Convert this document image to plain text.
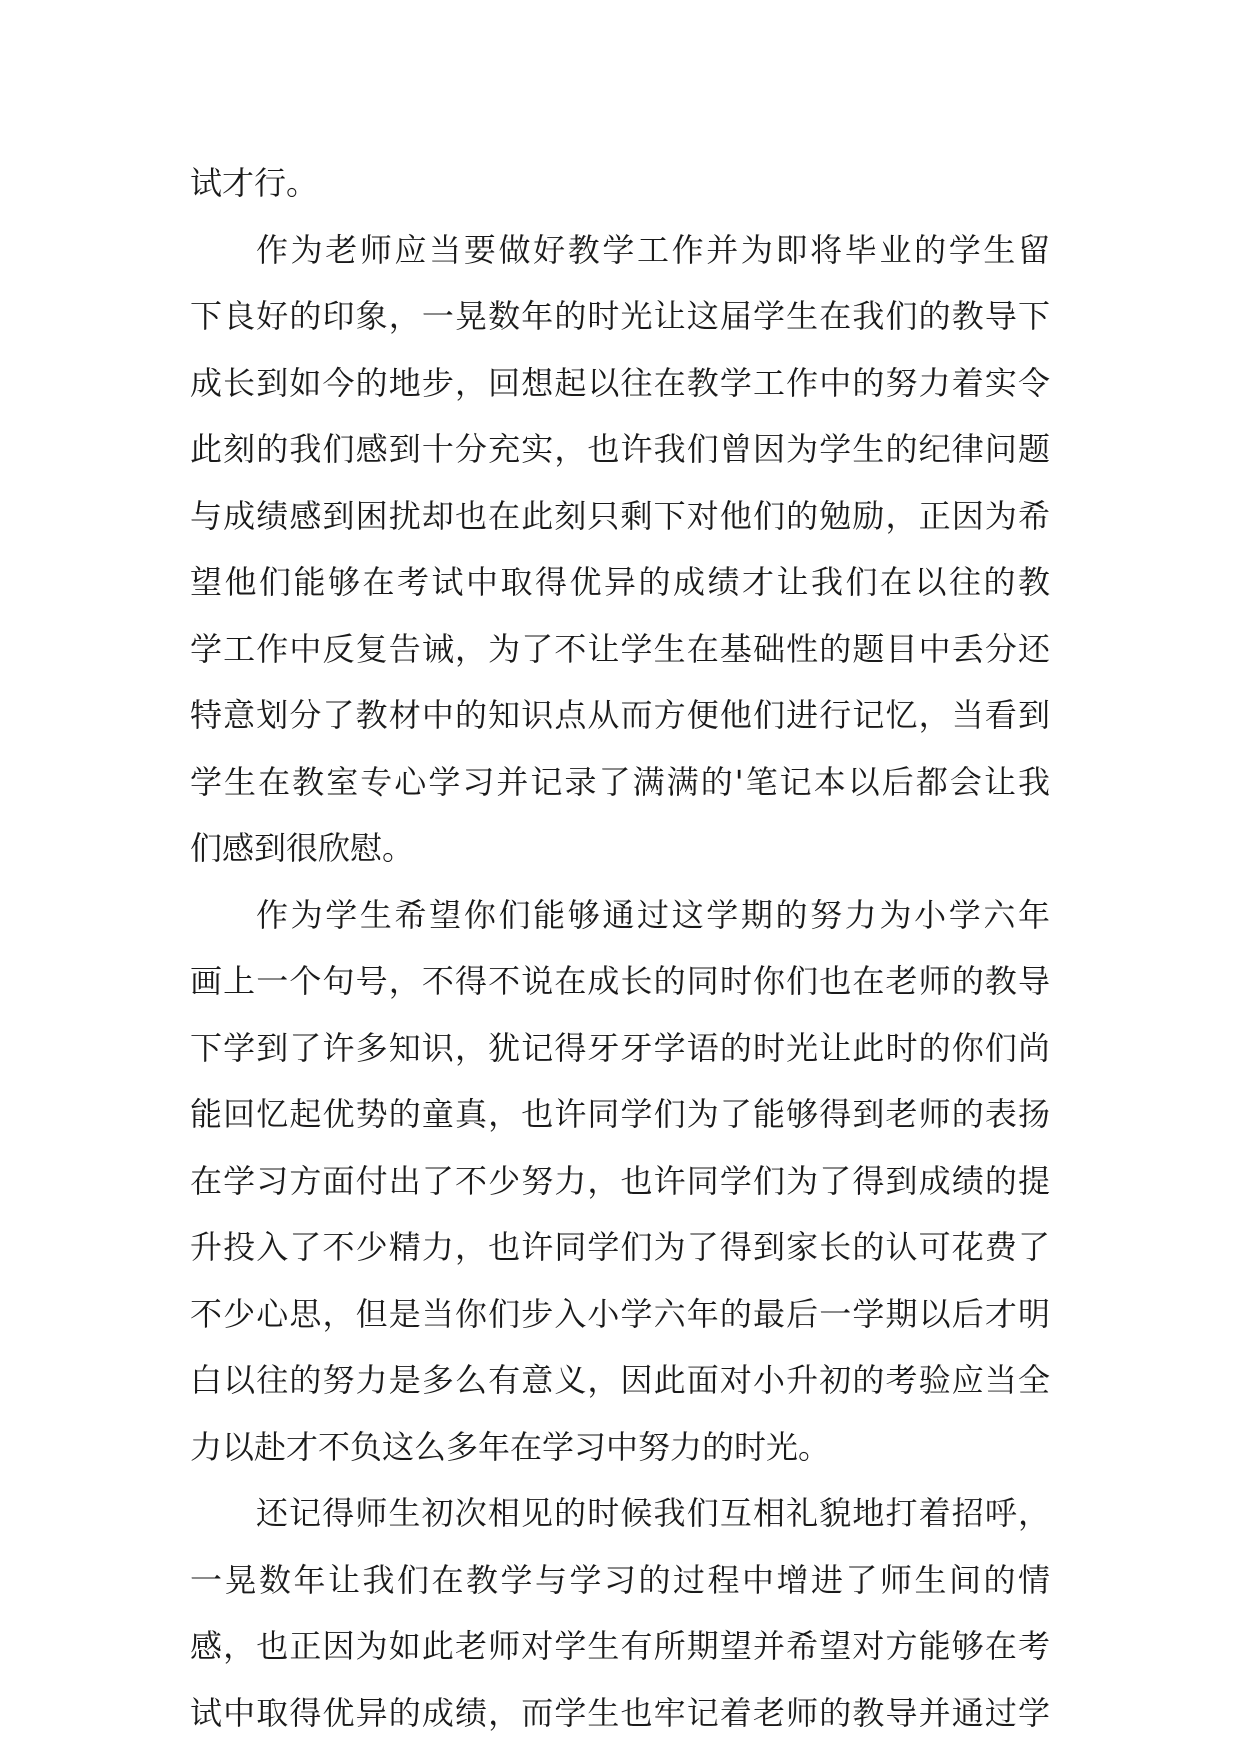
试才行。
作为老师应当要做好教学工作并为即将毕业的学生留
下良好的印象，一晃数年的时光让这届学生在我们的教导下
成长到如今的地步，回想起以往在教学工作中的努力着实令
此刻的我们感到十分充实，也许我们曾因为学生的纪律问题
与成绩感到困扰却也在此刻只剩下对他们的勉励，正因为希
望他们能够在考试中取得优异的成绩才让我们在以往的教
学工作中反复告诫，为了不让学生在基础性的题目中丢分还
特意划分了教材中的知识点从而方便他们进行记忆，当看到
学生在教室专心学习并记录了满满的'笔记本以后都会让我
们感到很欣慰。
作为学生希望你们能够通过这学期的努力为小学六年
画上一个句号，不得不说在成长的同时你们也在老师的教导
下学到了许多知识，犹记得牙牙学语的时光让此时的你们尚
能回忆起优势的童真，也许同学们为了能够得到老师的表扬
在学习方面付出了不少努力，也许同学们为了得到成绩的提
升投入了不少精力，也许同学们为了得到家长的认可花费了
不少心思，但是当你们步入小学六年的最后一学期以后才明
白以往的努力是多么有意义，因此面对小升初的考验应当全
力以赴才不负这么多年在学习中努力的时光。
还记得师生初次相见的时候我们互相礼貌地打着招呼，
一晃数年让我们在教学与学习的过程中增进了师生间的情
感，也正因为如此老师对学生有所期望并希望对方能够在考
试中取得优异的成绩，而学生也牢记着老师的教导并通过学
